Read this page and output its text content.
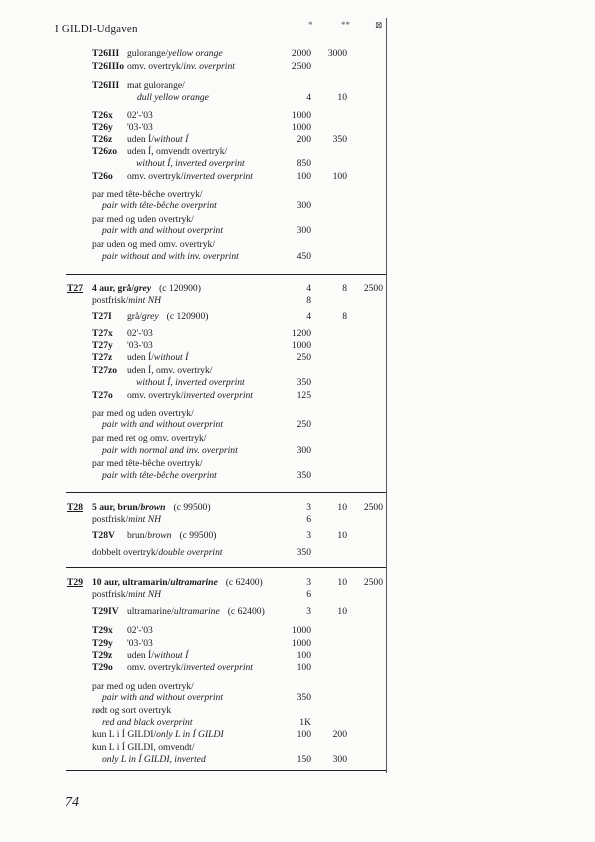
I GILDI-Udgaven	*	**	⊠
T26III gulorange/yellow orange	2000 3000
T26IIIo omv. overtryk/inv. overprint	2500
T26III mat gulorange/
dull yellow orange	4	10
T26x 02'-'03	1000
T26y '03-'03	1000
T26z uden Í/without Í	200 350
T26zo uden Í, omvendt overtryk/
without Í, inverted overprint	850
T26o omv. overtryk/inverted overprint	100 100
par med tête-bêche overtryk/
pair with tête-bêche overprint	300
par med og uden overtryk/
pair with and without overprint	300
par uden og med omv. overtryk/
pair without and with inv. overprint	450
T27 4 aur, grå/grey (c 120900)	4	8 2500
postfrisk/mint NH	8
T27I grå/grey (c 120900)	4	8
T27x 02'-'03	1200
T27y '03-'03	1000
T27z uden Í/without Í	250
T27zo uden Í, omv. overtryk/
without Í, inverted overprint	350
T27o omv. overtryk/inverted overprint	125
par med og uden overtryk/
pair with and without overprint	250
par med ret og omv. overtryk/
pair with normal and inv. overprint	300
par med tête-bêche overtryk/
pair with tête-bêche overprint	350
T28 5 aur, brun/brown (c 99500)	3	10 2500
postfrisk/mint NH	6
T28V brun/brown (c 99500)	3	10
dobbelt overtryk/double overprint	350
T29 10 aur, ultramarin/ultramarine (c 62400)	3	10 2500
postfrisk/mint NH	6
T29IV ultramarine/ultramarine (c 62400)	3	10
T29x 02'-'03	1000
T29y '03-'03	1000
T29z uden Í/without Í	100
T29o omv. overtryk/inverted overprint	100
par med og uden overtryk/
pair with and without overprint	350
rødt og sort overtryk
red and black overprint	1K
kun L i Í GILDI/only L in Í GILDI	100 200
kun L i Í GILDI, omvendt/
only L in Í GILDI, inverted	150 300
74
